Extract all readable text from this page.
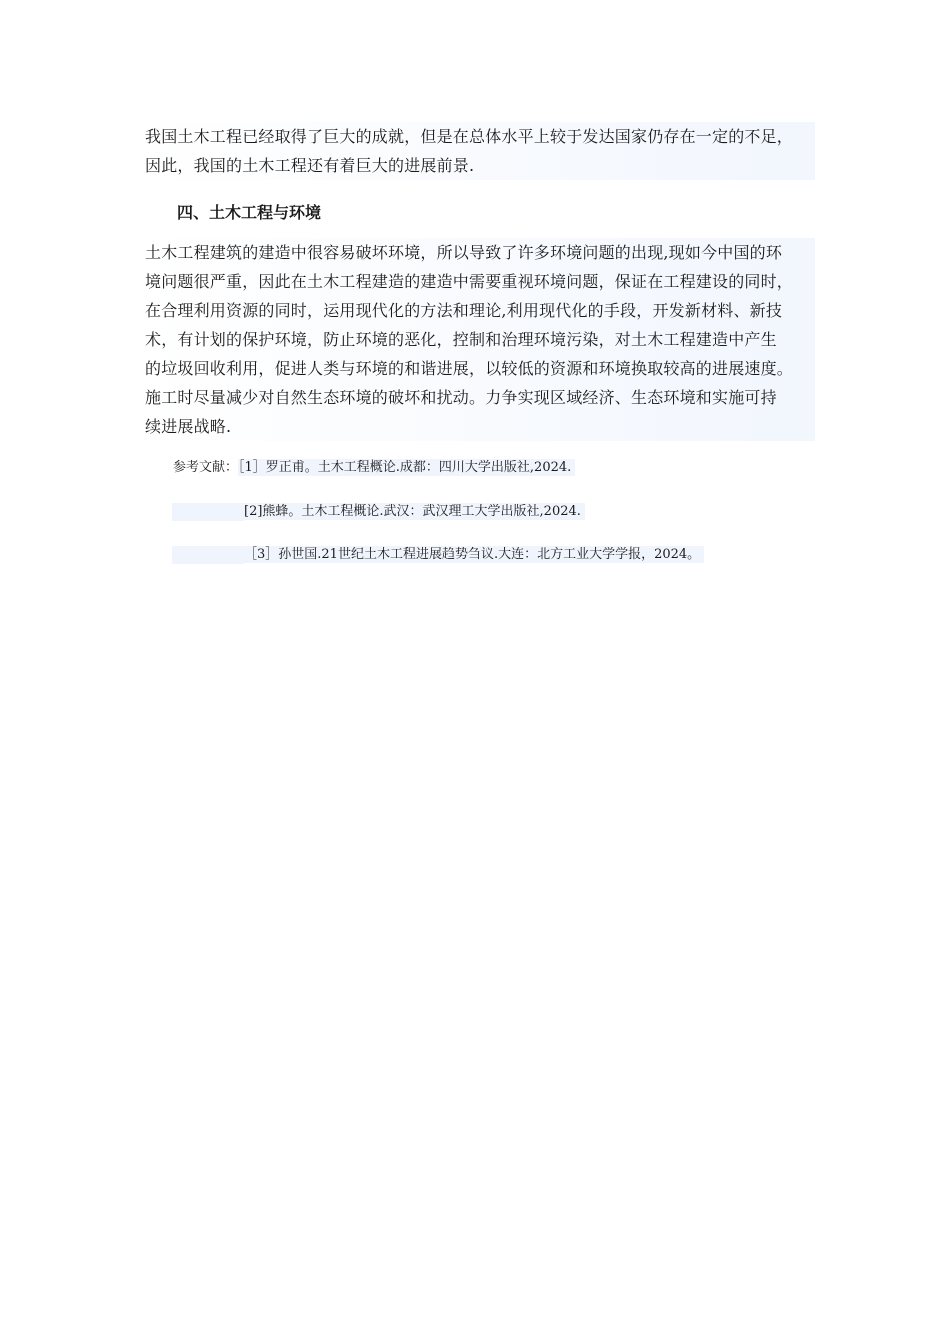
我国土木工程已经取得了巨大的成就，但是在总体水平上较于发达国家仍存在一定的不足，
因此，我国的土木工程还有着巨大的进展前景.

四、土木工程与环境

土木工程建筑的建造中很容易破坏环境，所以导致了许多环境问题的出现,现如今中国的环
境问题很严重，因此在土木工程建造的建造中需要重视环境问题，保证在工程建设的同时，
在合理利用资源的同时，运用现代化的方法和理论,利用现代化的手段，开发新材料、新技
术，有计划的保护环境，防止环境的恶化，控制和治理环境污染，对土木工程建造中产生
的垃圾回收利用，促进人类与环境的和谐进展，以较低的资源和环境换取较高的进展速度。
施工时尽量减少对自然生态环境的破坏和扰动。力争实现区域经济、生态环境和实施可持
续进展战略.

参考文献：［1］罗正甫。土木工程概论.成都：四川大学出版社,2024.

[2]熊蜂。土木工程概论.武汉：武汉理工大学出版社,2024.

［3］孙世国.21世纪土木工程进展趋势刍议.大连：北方工业大学学报，2024。
